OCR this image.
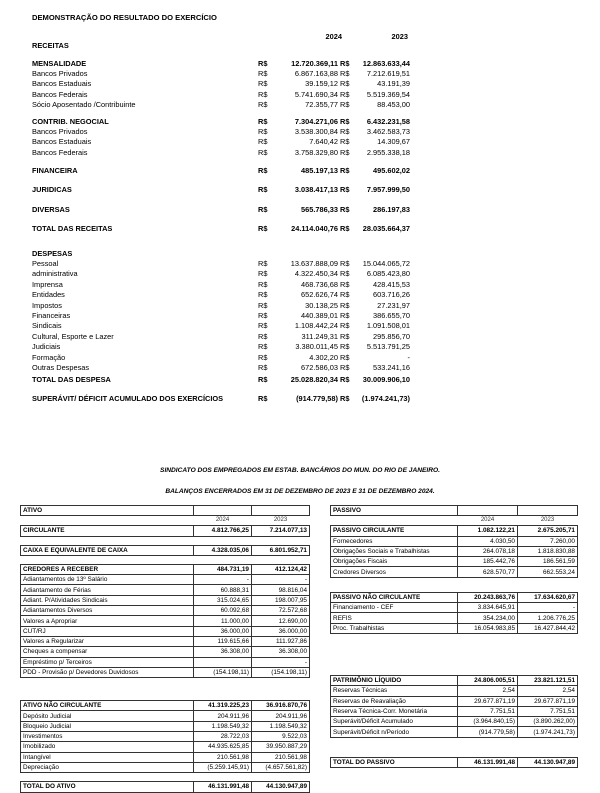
DEMONSTRAÇÃO DO RESULTADO DO EXERCÍCIO
2024	2023
RECEITAS
DESPESAS
MENSALIDADE	R$	12.720.369,11 R$	12.863.633,44
Bancos Privados	R$	6.867.163,88 R$	7.212.619,51
Bancos Estaduais	R$	39.159,12 R$	43.191,39
Bancos Federais	R$	5.741.690,34 R$	5.519.369,54
Sócio Aposentado /Contribuinte	R$	72.355,77 R$	88.453,00
CONTRIB. NEGOCIAL	R$	7.304.271,06 R$	6.432.231,58
Bancos Privados	R$	3.538.300,84 R$	3.462.583,73
Bancos Estaduais	R$	7.640,42 R$	14.309,67
Bancos Federais	R$	3.758.329,80 R$	2.955.338,18
FINANCEIRA	R$	485.197,13 R$	495.602,02
JURIDICAS	R$	3.038.417,13 R$	7.957.999,50
DIVERSAS	R$	565.786,33 R$	286.197,83
TOTAL DAS RECEITAS	R$	24.114.040,76 R$	28.035.664,37
Pessoal	R$	13.637.888,09 R$	15.044.065,72
administrativa	R$	4.322.450,34 R$	6.085.423,80
Imprensa	R$	468.736,68 R$	428.415,53
Entidades	R$	652.626,74 R$	603.716,26
Impostos	R$	30.138,25 R$	27.231,97
Financeiras	R$	440.389,01 R$	386.655,70
Sindicais	R$	1.108.442,24 R$	1.091.508,01
Cultural, Esporte e Lazer	R$	311.249,31 R$	295.856,70
Judiciais	R$	3.380.011,45 R$	5.513.791,25
Formação	R$	4.302,20 R$	-
Outras Despesas	R$	672.586,03 R$	533.241,16
TOTAL DAS DESPESA	R$	25.028.820,34 R$	30.009.906,10
SUPERÁVIT/ DÉFICIT ACUMULADO DOS EXERCÍCIOS	R$	(914.779,58) R$	(1.974.241,73)
SINDICATO DOS EMPREGADOS EM ESTAB. BANCÁRIOS DO MUN. DO RIO DE JANEIRO.
BALANÇOS ENCERRADOS EM 31 DE DEZEMBRO DE 2023 E 31 DE DEZEMBRO 2024.
ATIVO		
	2024	2023
CIRCULANTE	4.812.766,25	7.214.077,13

CAIXA E EQUIVALENTE DE CAIXA	4.328.035,06	6.801.952,71

CREDORES A RECEBER	484.731,19	412.124,42
Adiantamentos de 13º Salário	-	-
Adiantamento de Férias	60.888,31	98.816,04
Adiant. P/Atividades Sindicais	315.024,65	198.007,95
Adiantamentos Diversos	60.092,68	72.572,68
Valores a Apropriar	11.000,00	12.690,00
CUT/RJ	36.000,00	36.000,00
Valores a Regularizar	119.615,66	111.927,86
Cheques a compensar	36.308,00	36.308,00
Empréstimo p/ Terceiros		-
PDD - Provisão p/ Devedores Duvidosos	(154.198,11)	(154.198,11)

ATIVO NÃO CIRCULANTE	41.319.225,23	36.916.870,76
Depósito Judicial	204.911,96	204.911,96
Bloqueio Judicial	1.198.549,32	1.198.549,32
Investimentos	28.722,03	9.522,03
Imobilizado	44.935.625,85	39.950.887,29
Intangível	210.561,98	210.561,98
Depreciação	(5.259.145,91)	(4.657.561,82)

TOTAL DO ATIVO	46.131.991,48	44.130.947,89
PASSIVO		
	2024	2023
PASSIVO CIRCULANTE	1.082.122,21	2.675.205,71
Fornecedores	4.030,50	7.260,00
Obrigações Sociais e Trabalhistas	264.078,18	1.818.830,88
Obrigações Fiscais	185.442,76	186.561,59
Credores Diversos	628.570,77	662.553,24

PASSIVO NÃO CIRCULANTE	20.243.863,76	17.634.620,67
Financiamento - CEF	3.834.645,91	-
REFIS	354.234,00	1.206.776,25
Proc. Trabalhistas	16.054.983,85	16.427.844,42

PATRIMÔNIO LÍQUIDO	24.806.005,51	23.821.121,51
Reservas Técnicas	2,54	2,54
Reservas de Reavaliação	29.677.871,19	29.677.871,19
Reserva Técnica-Corr. Monetária	7.751,51	7.751,51
Superávit/Déficit Acumulado	(3.964.840,15)	(3.890.262,00)
Superávit/Déficit n/Período	(914.779,58)	(1.974.241,73)

TOTAL DO PASSIVO	46.131.991,48	44.130.947,89
